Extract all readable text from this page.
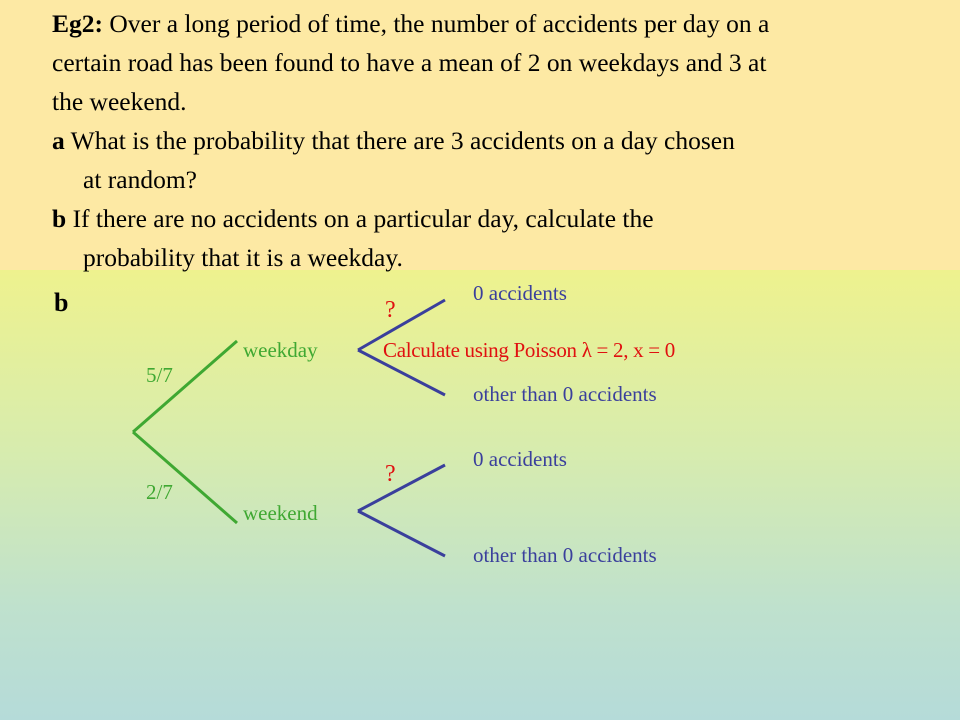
Eg2: Over a long period of time, the number of accidents per day on a
certain road has been found to have a mean of 2 on weekdays and 3 at
the weekend.
a What is the probability that there are 3 accidents on a day chosen
at random?
b If there are no accidents on a particular day, calculate the
probability that it is a weekday.
b
5/7
2/7
weekday
weekend
?
?
Calculate using Poisson λ = 2, x = 0
0 accidents
other than 0 accidents
0 accidents
other than 0 accidents
